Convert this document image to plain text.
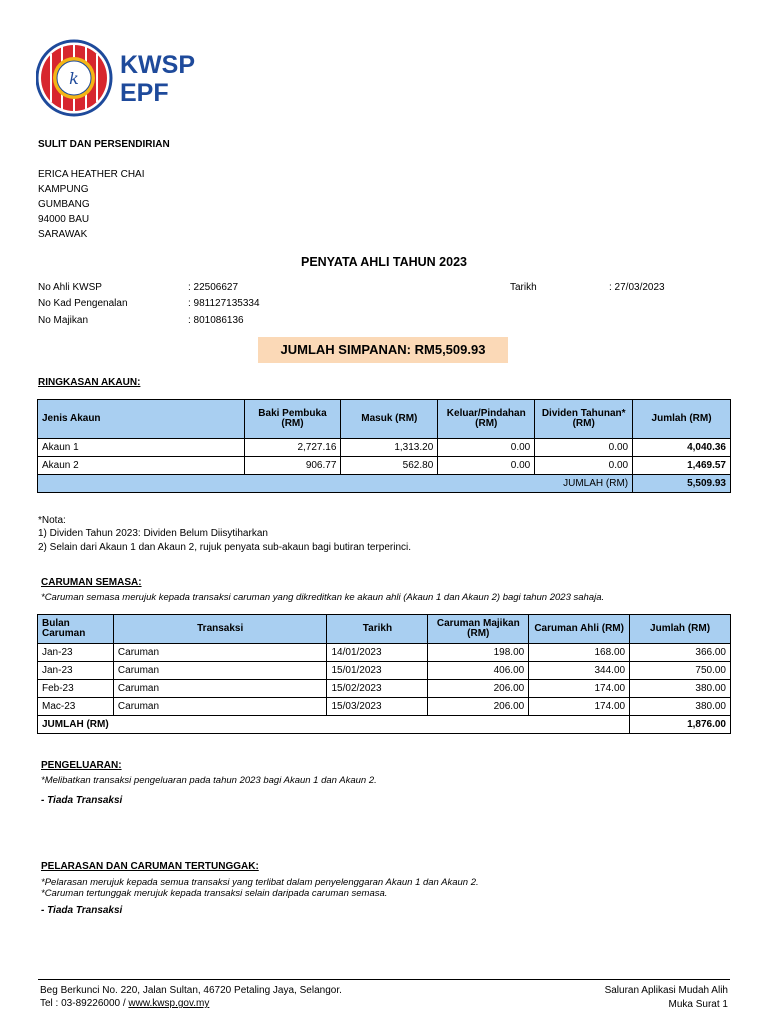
k KWSP
EPF
SULIT DAN PERSENDIRIAN
ERICA HEATHER CHAI
KAMPUNG
GUMBANG
94000 BAU
SARAWAK
PENYATA AHLI TAHUN 2023
No Ahli KWSP	: 22506627
No Kad Pengenalan	: 981127135334
No Majikan	: 801086136
Tarikh	: 27/03/2023
JUMLAH SIMPANAN: RM5,509.93
RINGKASAN AKAUN:
Jenis Akaun	Baki Pembuka (RM)	Masuk (RM)	Keluar/Pindahan (RM)	Dividen Tahunan* (RM)	Jumlah (RM)
Akaun 1	2,727.16	1,313.20	0.00	0.00	4,040.36
Akaun 2	906.77	562.80	0.00	0.00	1,469.57
JUMLAH (RM)					5,509.93
*Nota:
1) Dividen Tahun 2023: Dividen Belum Diisytiharkan
2) Selain dari Akaun 1 dan Akaun 2, rujuk penyata sub-akaun bagi butiran terperinci.
CARUMAN SEMASA:
*Caruman semasa merujuk kepada transaksi caruman yang dikreditkan ke akaun ahli (Akaun 1 dan Akaun 2) bagi tahun 2023 sahaja.
Bulan Caruman	Transaksi	Tarikh	Caruman Majikan (RM)	Caruman Ahli (RM)	Jumlah (RM)
Jan-23	Caruman	14/01/2023	198.00	168.00	366.00
Jan-23	Caruman	15/01/2023	406.00	344.00	750.00
Feb-23	Caruman	15/02/2023	206.00	174.00	380.00
Mac-23	Caruman	15/03/2023	206.00	174.00	380.00
JUMLAH (RM)					1,876.00
PENGELUARAN:
*Melibatkan transaksi pengeluaran pada tahun 2023 bagi Akaun 1 dan Akaun 2.
- Tiada Transaksi
PELARASAN DAN CARUMAN TERTUNGGAK:
*Pelarasan merujuk kepada semua transaksi yang terlibat dalam penyelenggaran Akaun 1 dan Akaun 2.
*Caruman tertunggak merujuk kepada transaksi selain daripada caruman semasa.
- Tiada Transaksi
Beg Berkunci No. 220, Jalan Sultan, 46720 Petaling Jaya, Selangor.
Tel : 03-89226000 / www.kwsp.gov.my
Saluran Aplikasi Mudah Alih
Muka Surat 1
